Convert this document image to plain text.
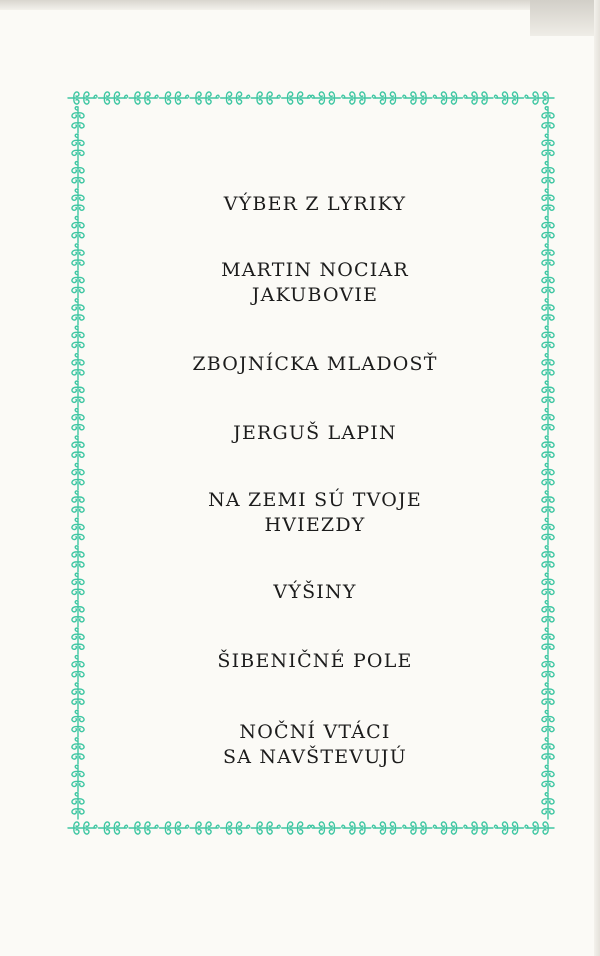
VÝBER Z LYRIKY
MARTIN NOCIAR
JAKUBOVIE
ZBOJNÍCKA MLADOSŤ
JERGUŠ LAPIN
NA ZEMI SÚ TVOJE
HVIEZDY
VÝŠINY
ŠIBENIČNÉ POLE
NOČNÍ VTÁCI
SA NAVŠTEVUJÚ
